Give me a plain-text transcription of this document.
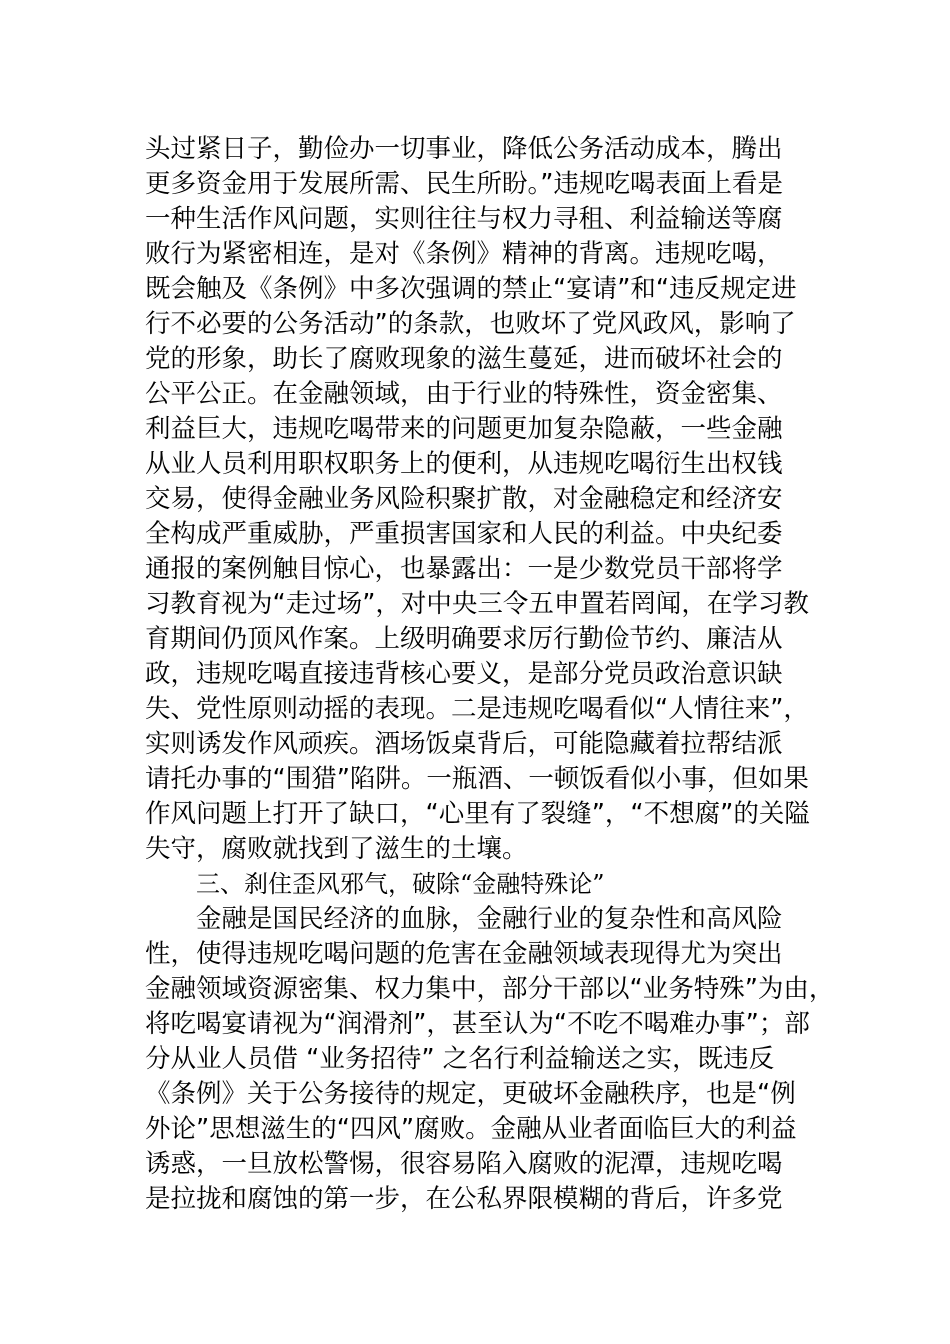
头过紧日子，勤俭办一切事业，降低公务活动成本，腾出
更多资金用于发展所需、民生所盼。”违规吃喝表面上看是
一种生活作风问题，实则往往与权力寻租、利益输送等腐
败行为紧密相连，是对《条例》精神的背离。违规吃喝，
既会触及《条例》中多次强调的禁止“宴请”和“违反规定进
行不必要的公务活动”的条款，也败坏了党风政风，影响了
党的形象，助长了腐败现象的滋生蔓延，进而破坏社会的
公平公正。在金融领域，由于行业的特殊性，资金密集、
利益巨大，违规吃喝带来的问题更加复杂隐蔽，一些金融
从业人员利用职权职务上的便利，从违规吃喝衍生出权钱
交易，使得金融业务风险积聚扩散，对金融稳定和经济安
全构成严重威胁，严重损害国家和人民的利益。中央纪委
通报的案例触目惊心，也暴露出：一是少数党员干部将学
习教育视为“走过场”，对中央三令五申置若罔闻，在学习教
育期间仍顶风作案。上级明确要求厉行勤俭节约、廉洁从
政，违规吃喝直接违背核心要义，是部分党员政治意识缺
失、党性原则动摇的表现。二是违规吃喝看似“人情往来”，
实则诱发作风顽疾。酒场饭桌背后，可能隐藏着拉帮结派
请托办事的“围猎”陷阱。一瓶酒、一顿饭看似小事，但如果
作风问题上打开了缺口，“心里有了裂缝”，“不想腐”的关隘
失守，腐败就找到了滋生的土壤。
三、刹住歪风邪气，破除“金融特殊论”
金融是国民经济的血脉，金融行业的复杂性和高风险
性，使得违规吃喝问题的危害在金融领域表现得尤为突出
金融领域资源密集、权力集中，部分干部以“业务特殊”为由，
将吃喝宴请视为“润滑剂”，甚至认为“不吃不喝难办事”；部
分从业人员借 “业务招待” 之名行利益输送之实，既违反
《条例》关于公务接待的规定，更破坏金融秩序，也是“例
外论”思想滋生的“四风”腐败。金融从业者面临巨大的利益
诱惑，一旦放松警惕，很容易陷入腐败的泥潭，违规吃喝
是拉拢和腐蚀的第一步，在公私界限模糊的背后，许多党
